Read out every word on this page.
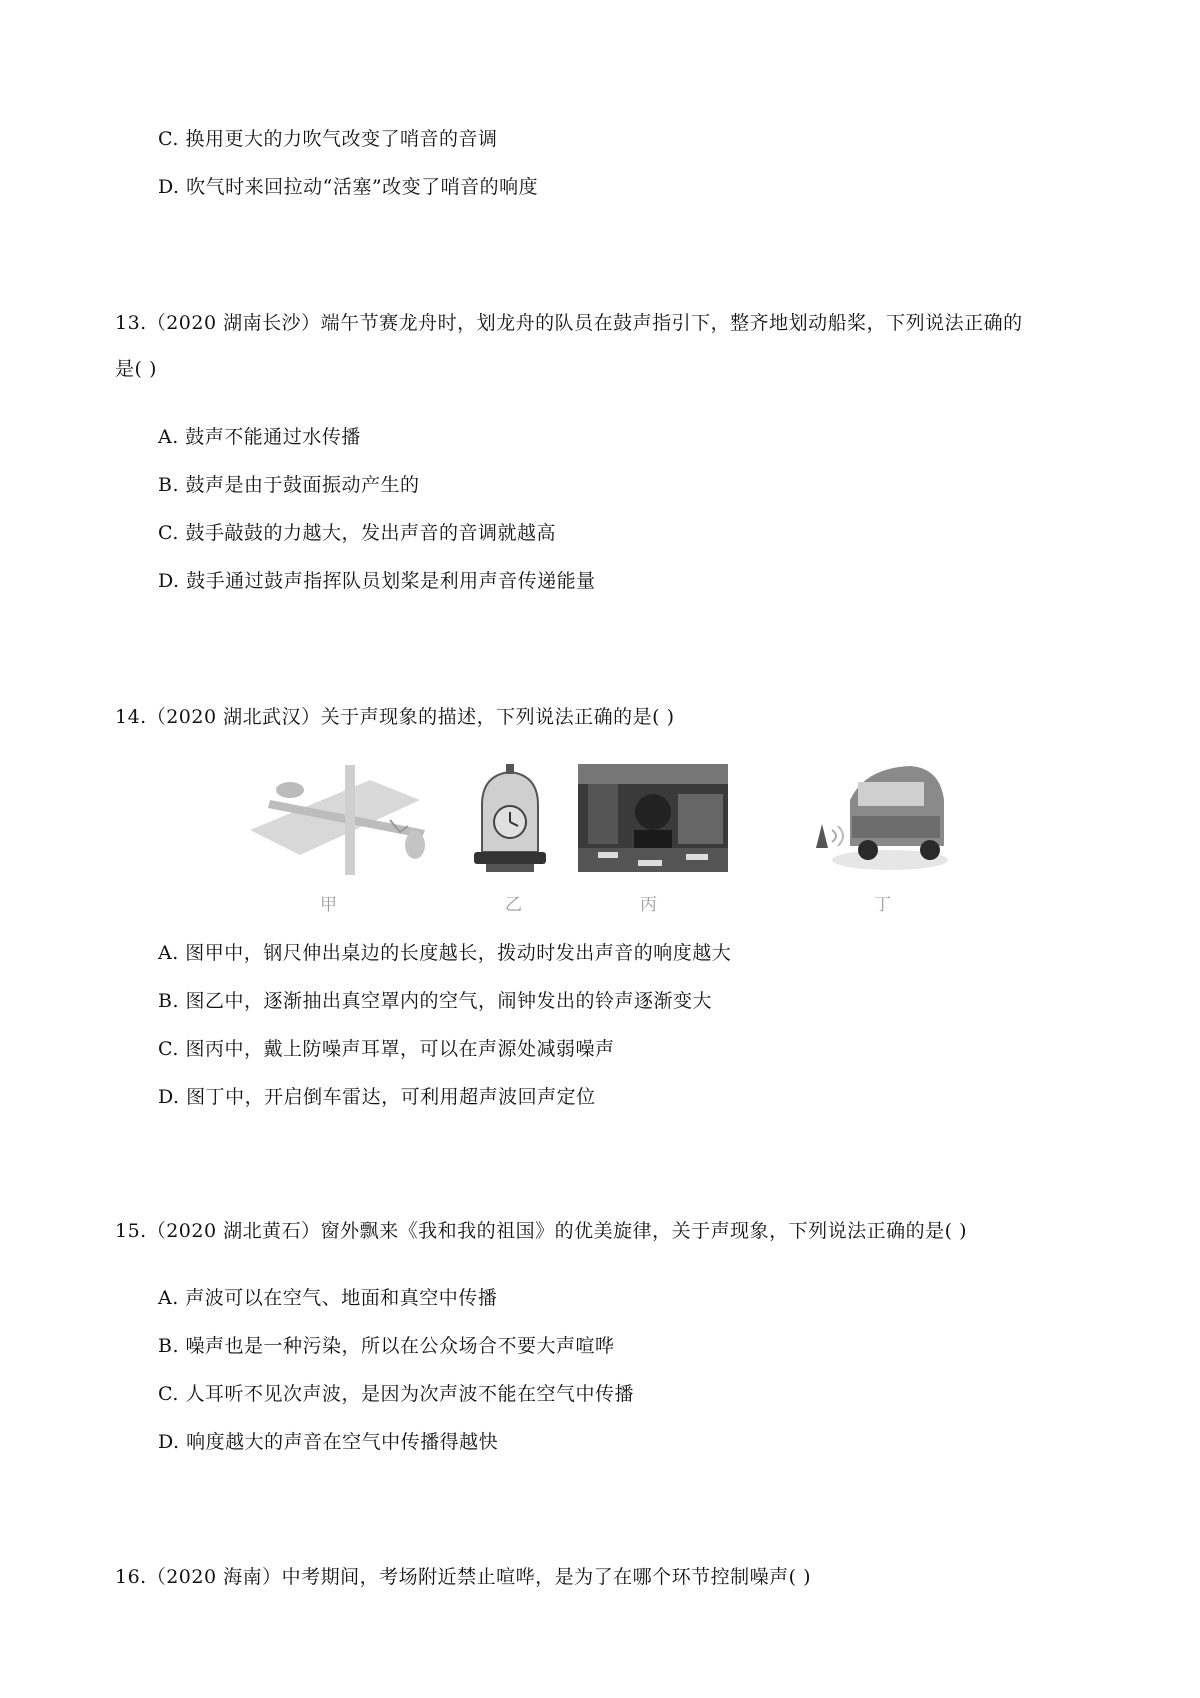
C. 换用更大的力吹气改变了哨音的音调
D. 吹气时来回拉动“活塞”改变了哨音的响度
13.（2020 湖南长沙）端午节赛龙舟时，划龙舟的队员在鼓声指引下，整齐地划动船桨，下列说法正确的
是( )
A. 鼓声不能通过水传播
B. 鼓声是由于鼓面振动产生的
C. 鼓手敲鼓的力越大，发出声音的音调就越高
D. 鼓手通过鼓声指挥队员划桨是利用声音传递能量
14.（2020 湖北武汉）关于声现象的描述，下列说法正确的是( )
甲	乙	丙	丁
A. 图甲中，钢尺伸出桌边的长度越长，拨动时发出声音的响度越大
B. 图乙中，逐渐抽出真空罩内的空气，闹钟发出的铃声逐渐变大
C. 图丙中，戴上防噪声耳罩，可以在声源处减弱噪声
D. 图丁中，开启倒车雷达，可利用超声波回声定位
15.（2020 湖北黄石）窗外飘来《我和我的祖国》的优美旋律，关于声现象，下列说法正确的是( )
A. 声波可以在空气、地面和真空中传播
B. 噪声也是一种污染，所以在公众场合不要大声喧哗
C. 人耳听不见次声波，是因为次声波不能在空气中传播
D. 响度越大的声音在空气中传播得越快
16.（2020 海南）中考期间，考场附近禁止喧哗，是为了在哪个环节控制噪声( )
